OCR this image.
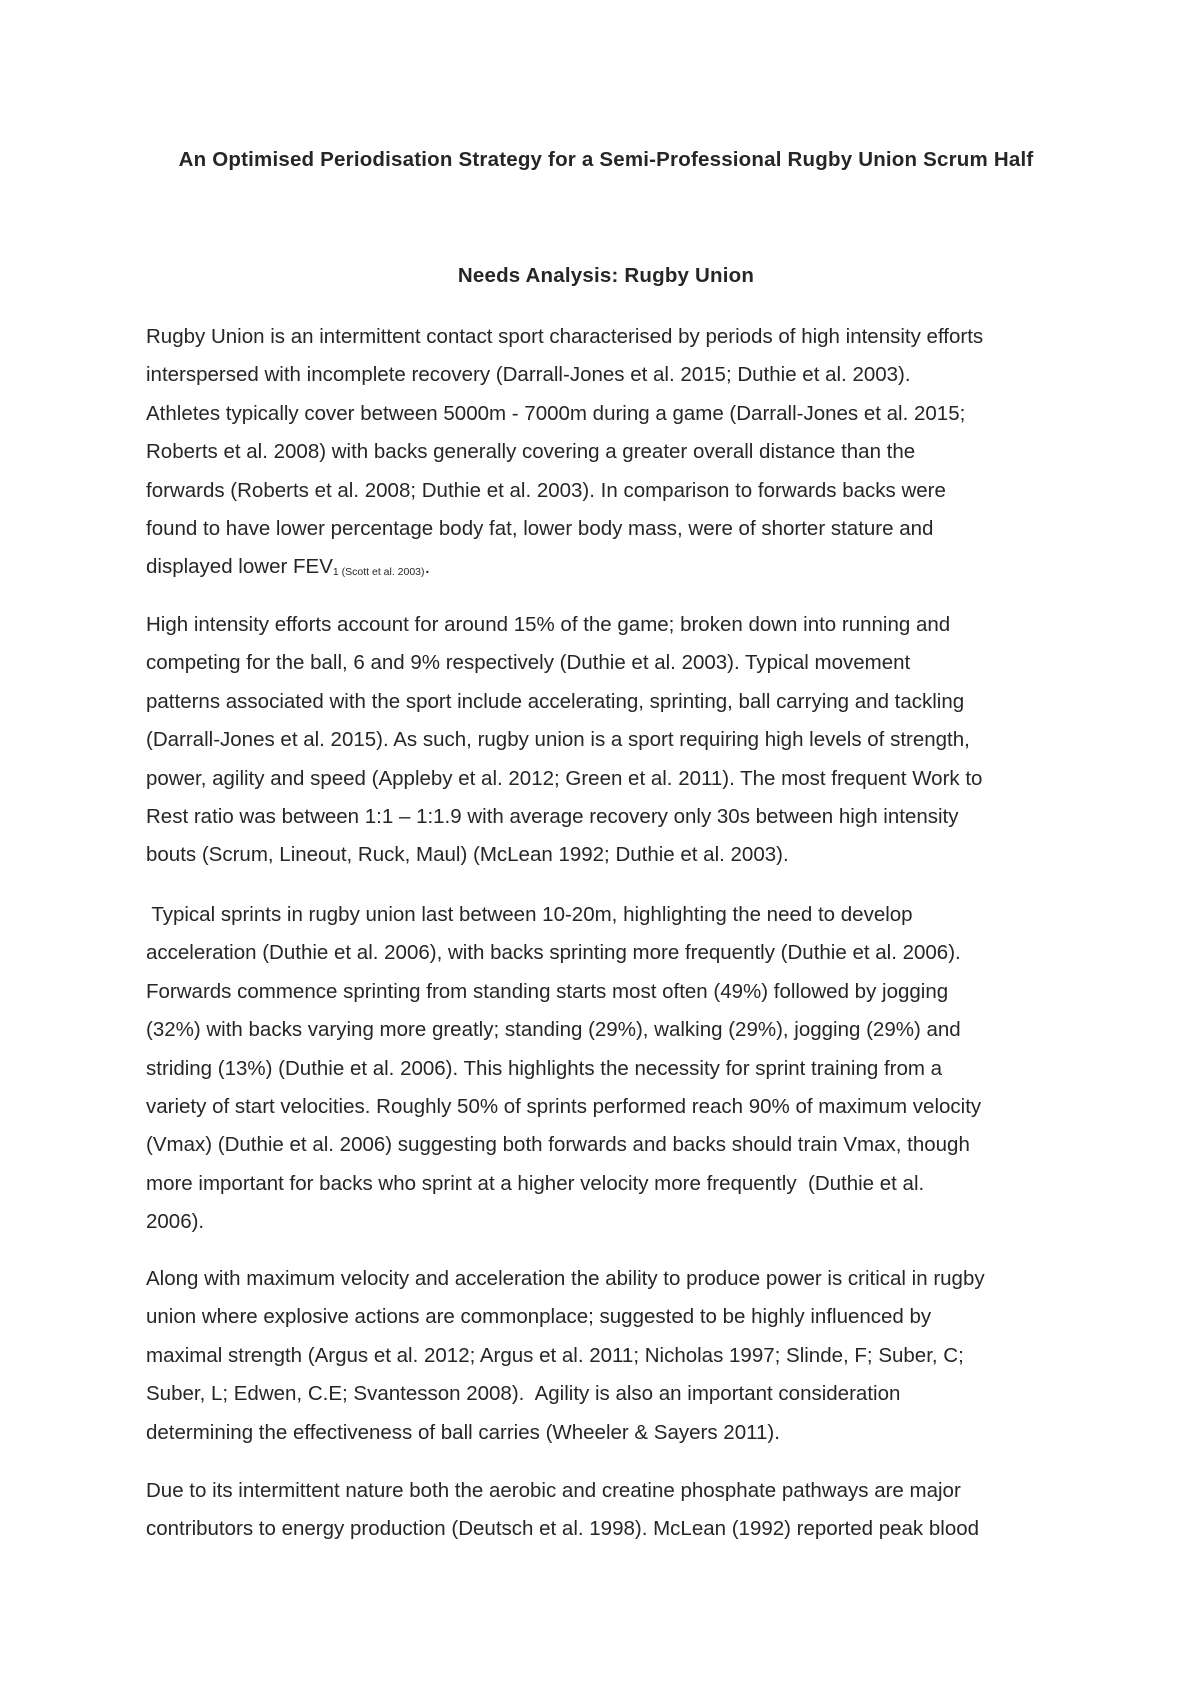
An Optimised Periodisation Strategy for a Semi-Professional Rugby Union Scrum Half
Needs Analysis: Rugby Union

Rugby Union is an intermittent contact sport characterised by periods of high intensity efforts
interspersed with incomplete recovery (Darrall-Jones et al. 2015; Duthie et al. 2003).
Athletes typically cover between 5000m - 7000m during a game (Darrall-Jones et al. 2015;
Roberts et al. 2008) with backs generally covering a greater overall distance than the
forwards (Roberts et al. 2008; Duthie et al. 2003). In comparison to forwards backs were
found to have lower percentage body fat, lower body mass, were of shorter stature and
displayed lower FEV1 (Scott et al. 2003).

High intensity efforts account for around 15% of the game; broken down into running and
competing for the ball, 6 and 9% respectively (Duthie et al. 2003). Typical movement
patterns associated with the sport include accelerating, sprinting, ball carrying and tackling
(Darrall-Jones et al. 2015). As such, rugby union is a sport requiring high levels of strength,
power, agility and speed (Appleby et al. 2012; Green et al. 2011). The most frequent Work to
Rest ratio was between 1:1 – 1:1.9 with average recovery only 30s between high intensity
bouts (Scrum, Lineout, Ruck, Maul) (McLean 1992; Duthie et al. 2003).

Typical sprints in rugby union last between 10-20m, highlighting the need to develop
acceleration (Duthie et al. 2006), with backs sprinting more frequently (Duthie et al. 2006).
Forwards commence sprinting from standing starts most often (49%) followed by jogging
(32%) with backs varying more greatly; standing (29%), walking (29%), jogging (29%) and
striding (13%) (Duthie et al. 2006). This highlights the necessity for sprint training from a
variety of start velocities. Roughly 50% of sprints performed reach 90% of maximum velocity
(Vmax) (Duthie et al. 2006) suggesting both forwards and backs should train Vmax, though
more important for backs who sprint at a higher velocity more frequently  (Duthie et al.
2006).

Along with maximum velocity and acceleration the ability to produce power is critical in rugby
union where explosive actions are commonplace; suggested to be highly influenced by
maximal strength (Argus et al. 2012; Argus et al. 2011; Nicholas 1997; Slinde, F; Suber, C;
Suber, L; Edwen, C.E; Svantesson 2008).  Agility is also an important consideration
determining the effectiveness of ball carries (Wheeler & Sayers 2011).

Due to its intermittent nature both the aerobic and creatine phosphate pathways are major
contributors to energy production (Deutsch et al. 1998). McLean (1992) reported peak blood
